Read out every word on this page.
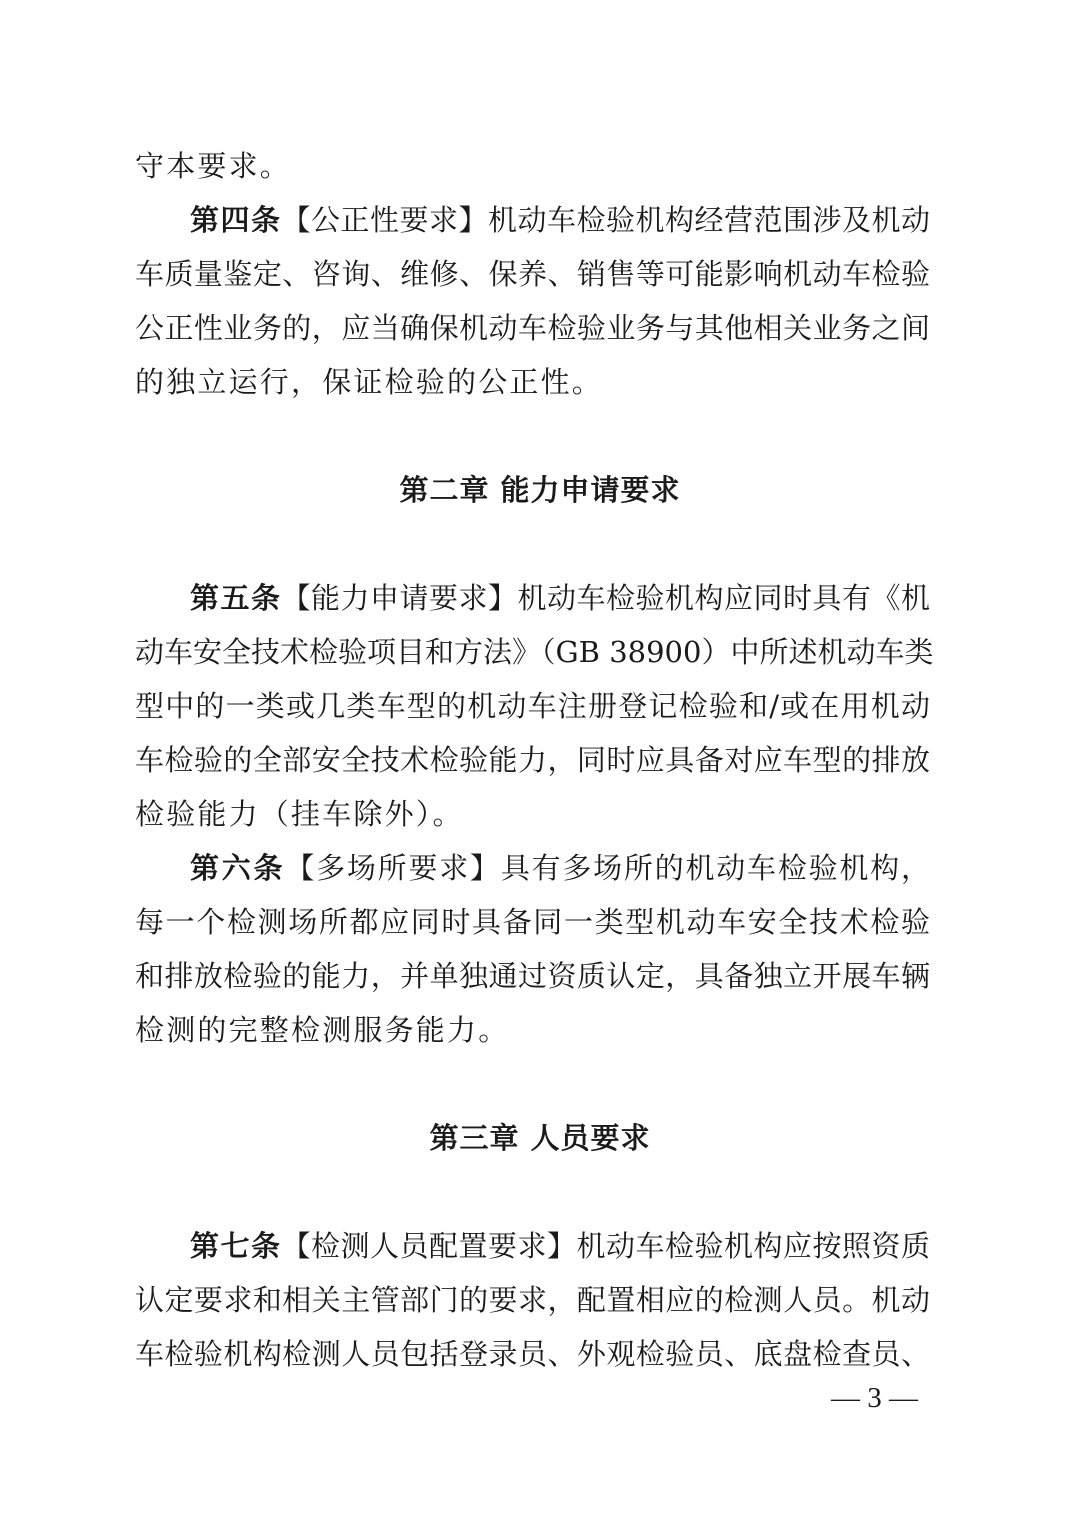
守本要求。
第四条【公正性要求】机动车检验机构经营范围涉及机动
车质量鉴定、咨询、维修、保养、销售等可能影响机动车检验
公正性业务的，应当确保机动车检验业务与其他相关业务之间
的独立运行，保证检验的公正性。
第二章 能力申请要求
第五条【能力申请要求】机动车检验机构应同时具有《机
动车安全技术检验项目和方法》（GB 38900）中所述机动车类
型中的一类或几类车型的机动车注册登记检验和/或在用机动
车检验的全部安全技术检验能力，同时应具备对应车型的排放
检验能力（挂车除外）。
第六条【多场所要求】具有多场所的机动车检验机构，
每一个检测场所都应同时具备同一类型机动车安全技术检验
和排放检验的能力，并单独通过资质认定，具备独立开展车辆
检测的完整检测服务能力。
第三章 人员要求
第七条【检测人员配置要求】机动车检验机构应按照资质
认定要求和相关主管部门的要求，配置相应的检测人员。机动
车检验机构检测人员包括登录员、外观检验员、底盘检查员、
— 3 —
